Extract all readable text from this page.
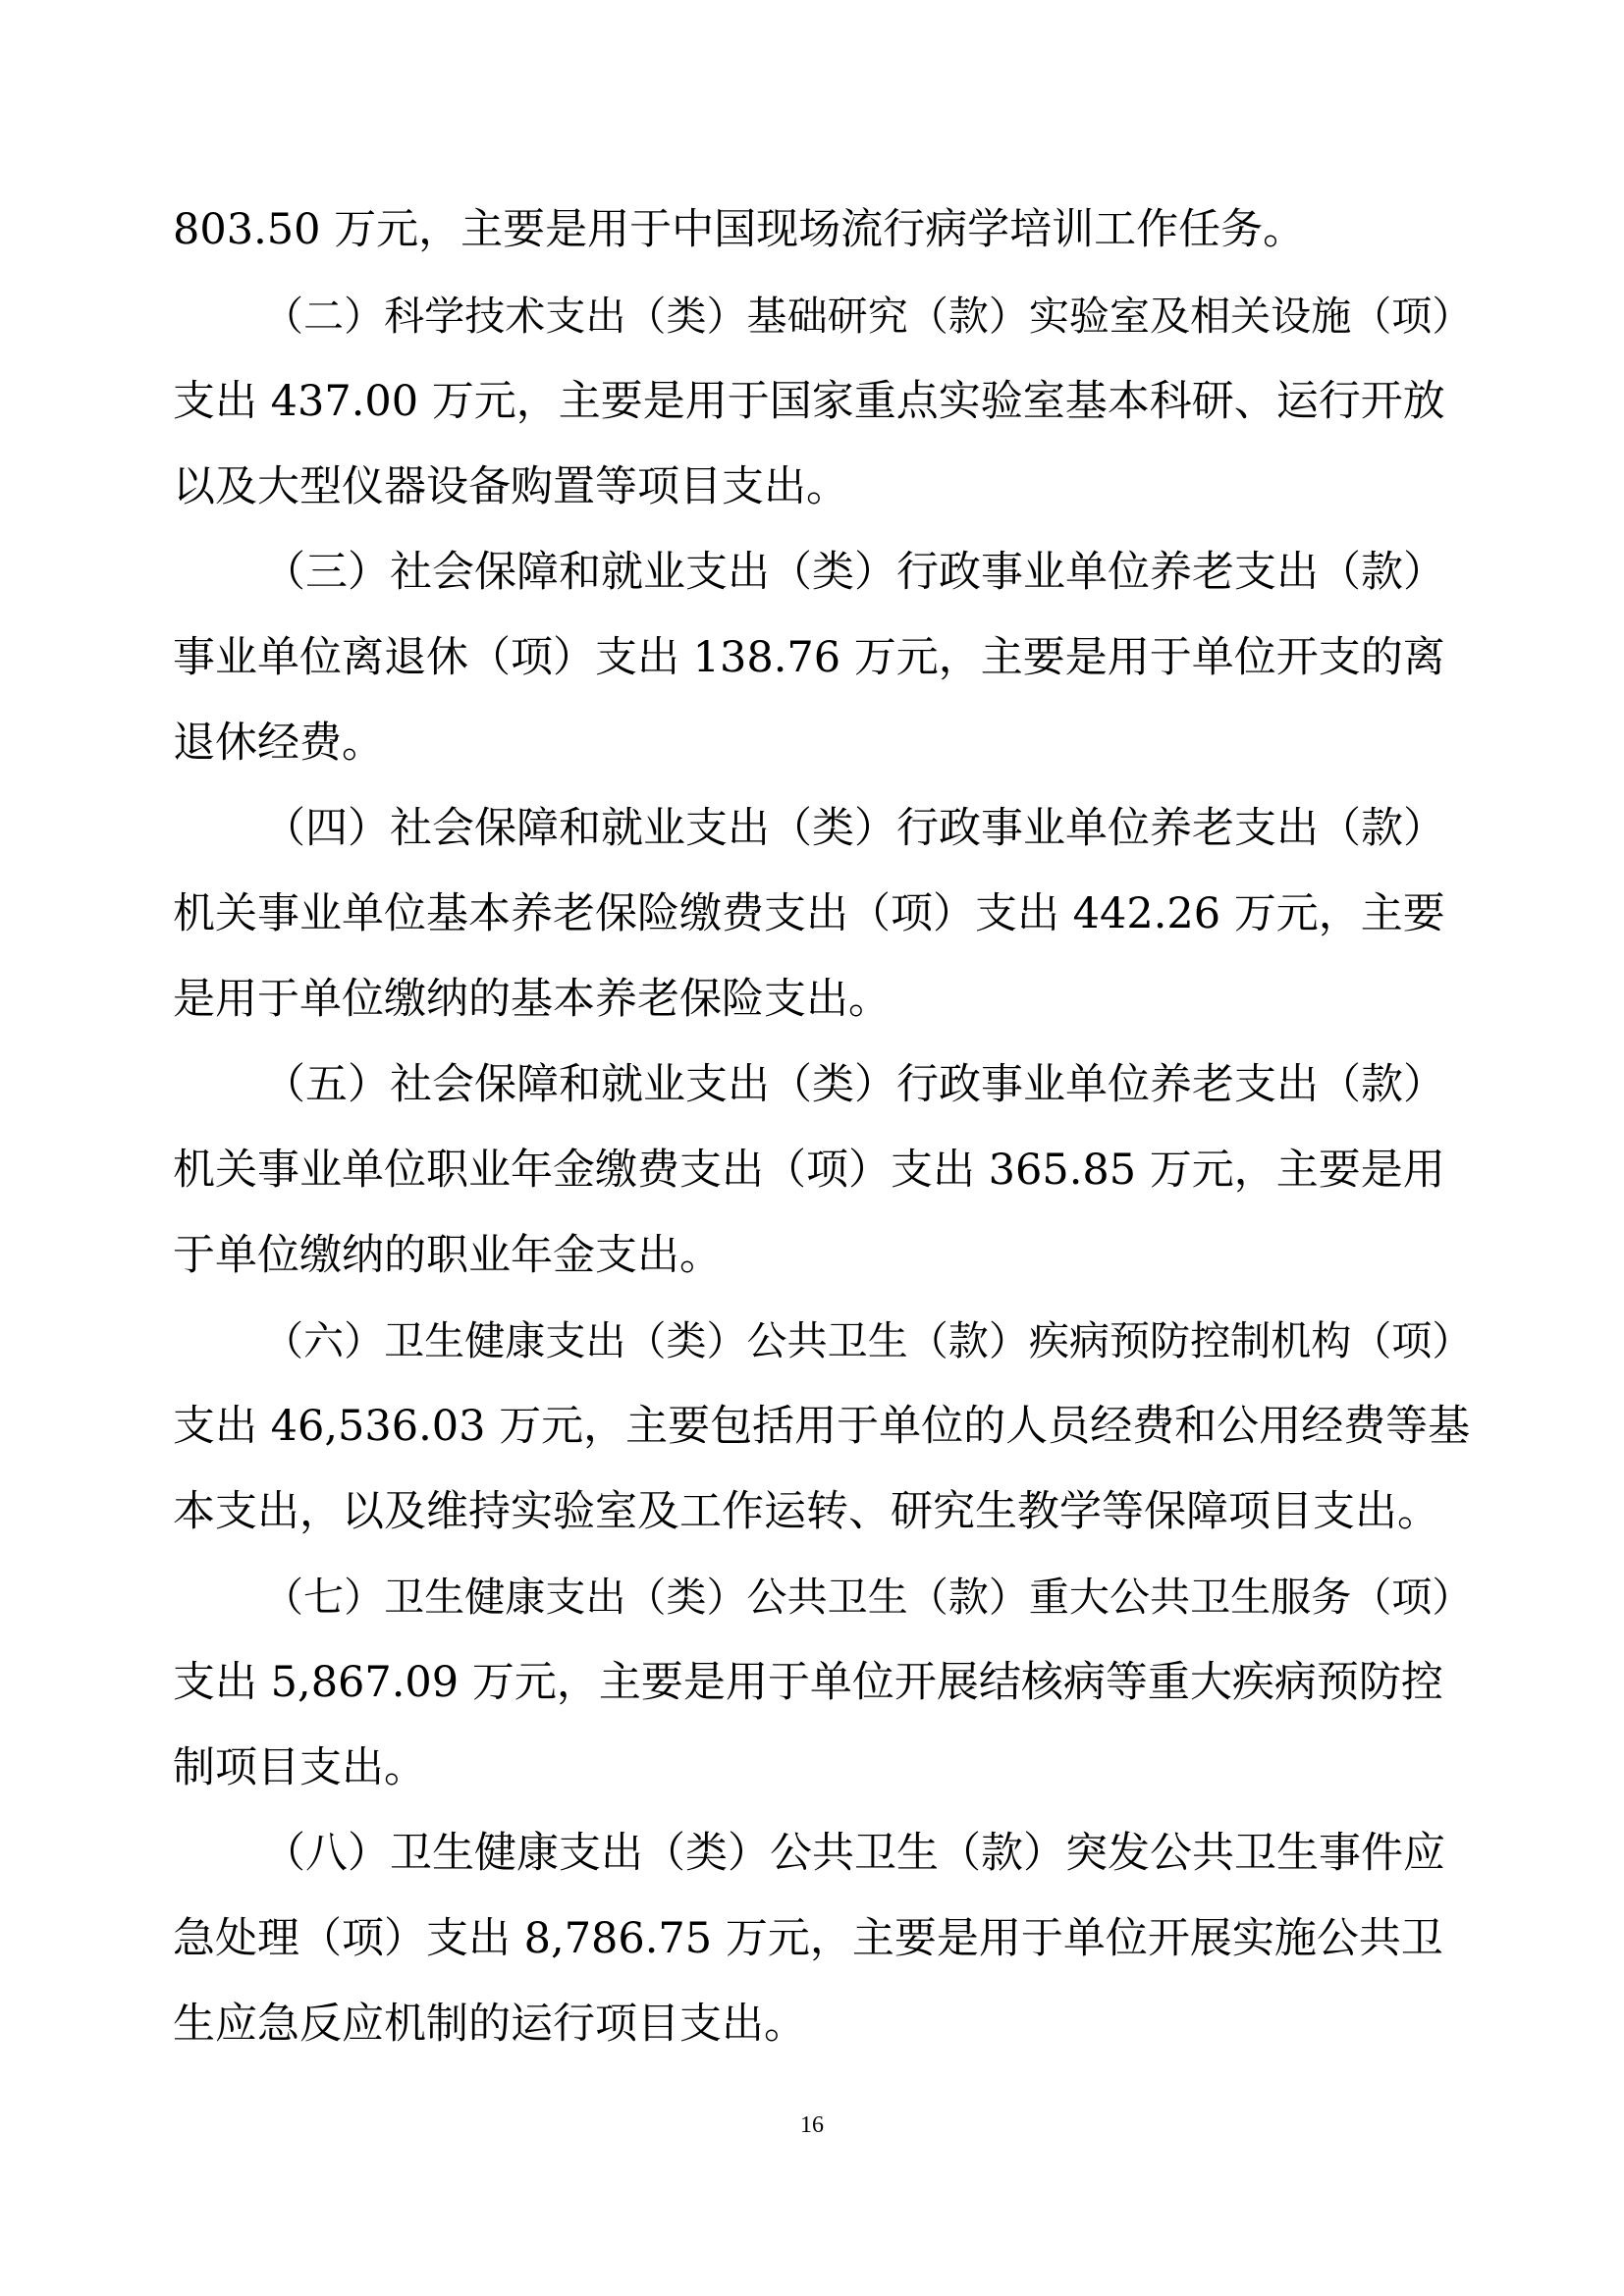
803.50 万元，主要是用于中国现场流行病学培训工作任务。
（二）科学技术支出（类）基础研究（款）实验室及相关设施（项）
支出 437.00 万元，主要是用于国家重点实验室基本科研、运行开放
以及大型仪器设备购置等项目支出。
（三）社会保障和就业支出（类）行政事业单位养老支出（款）
事业单位离退休（项）支出 138.76 万元，主要是用于单位开支的离
退休经费。
（四）社会保障和就业支出（类）行政事业单位养老支出（款）
机关事业单位基本养老保险缴费支出（项）支出 442.26 万元，主要
是用于单位缴纳的基本养老保险支出。
（五）社会保障和就业支出（类）行政事业单位养老支出（款）
机关事业单位职业年金缴费支出（项）支出 365.85 万元，主要是用
于单位缴纳的职业年金支出。
（六）卫生健康支出（类）公共卫生（款）疾病预防控制机构（项）
支出 46,536.03 万元，主要包括用于单位的人员经费和公用经费等基
本支出，以及维持实验室及工作运转、研究生教学等保障项目支出。
（七）卫生健康支出（类）公共卫生（款）重大公共卫生服务（项）
支出 5,867.09 万元，主要是用于单位开展结核病等重大疾病预防控
制项目支出。
（八）卫生健康支出（类）公共卫生（款）突发公共卫生事件应
急处理（项）支出 8,786.75 万元，主要是用于单位开展实施公共卫
生应急反应机制的运行项目支出。
16
